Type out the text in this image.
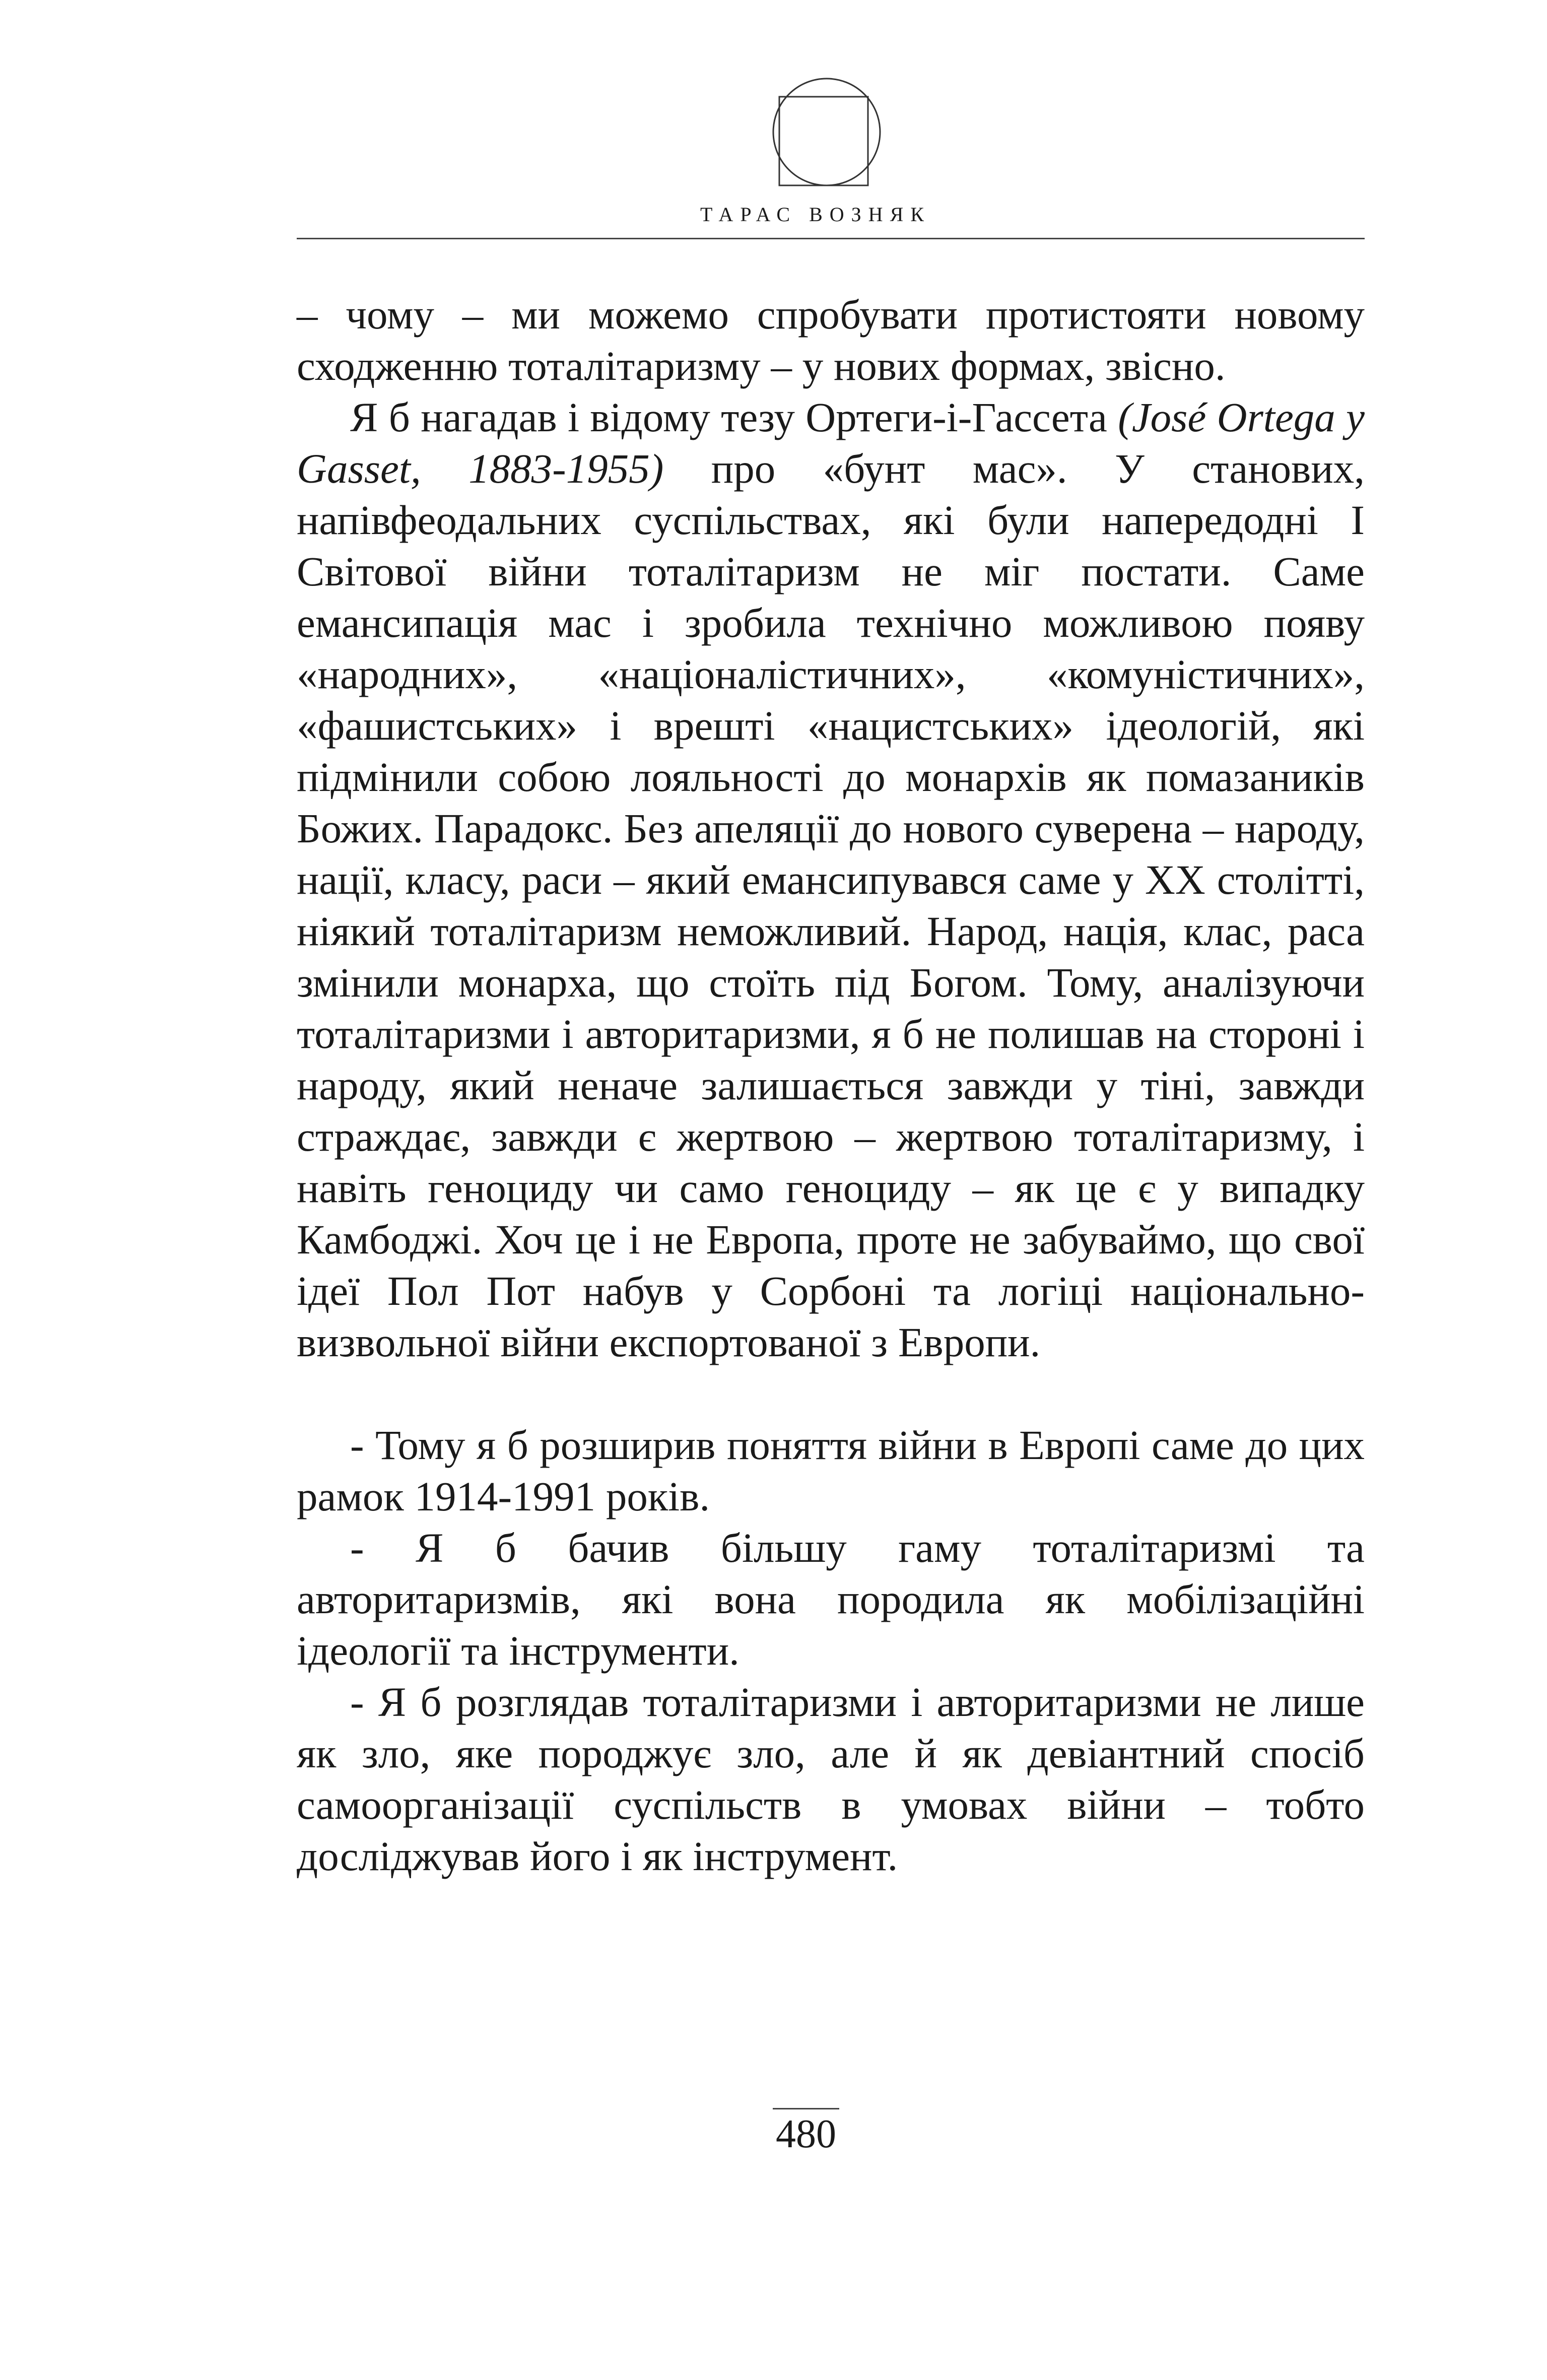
ТАРАС ВОЗНЯК

– чому – ми можемо спробувати протистояти новому сходженню тоталітаризму – у нових формах, звісно.

Я б нагадав і відому тезу Ортеги-і-Гассета (José Ortega y Gasset, 1883-1955) про «бунт мас». У станових, напівфеодальних суспільствах, які були напередодні І Світової війни тоталітаризм не міг постати. Саме емансипація мас і зробила технічно можливою появу «народних», «націоналістичних», «комуністичних», «фашистських» і врешті «нацистських» ідеологій, які підмінили собою лояльності до монархів як помазаників Божих. Парадокс. Без апеляції до нового суверена – народу, нації, класу, раси – який емансипувався саме у ХХ столітті, ніякий тоталітаризм неможливий. Народ, нація, клас, раса змінили монарха, що стоїть під Богом. Тому, аналізуючи тоталітаризми і авторитаризми, я б не полишав на стороні і народу, який неначе залишається завжди у тіні, завжди страждає, завжди є жертвою – жертвою тоталітаризму, і навіть геноциду чи само геноциду – як це є у випадку Камбоджі. Хоч це і не Европа, проте не забуваймо, що свої ідеї Пол Пот набув у Сорбоні та логіці національно-визвольної війни експортованої з Европи.

- Тому я б розширив поняття війни в Европі саме до цих рамок 1914-1991 років.

- Я б бачив більшу гаму тоталітаризмі та авторитаризмів, які вона породила як мобілізаційні ідеології та інструменти.

- Я б розглядав тоталітаризми і авторитаризми не лише як зло, яке породжує зло, але й як девіантний спосіб самоорганізації суспільств в умовах війни – тобто досліджував його і як інструмент.

480
